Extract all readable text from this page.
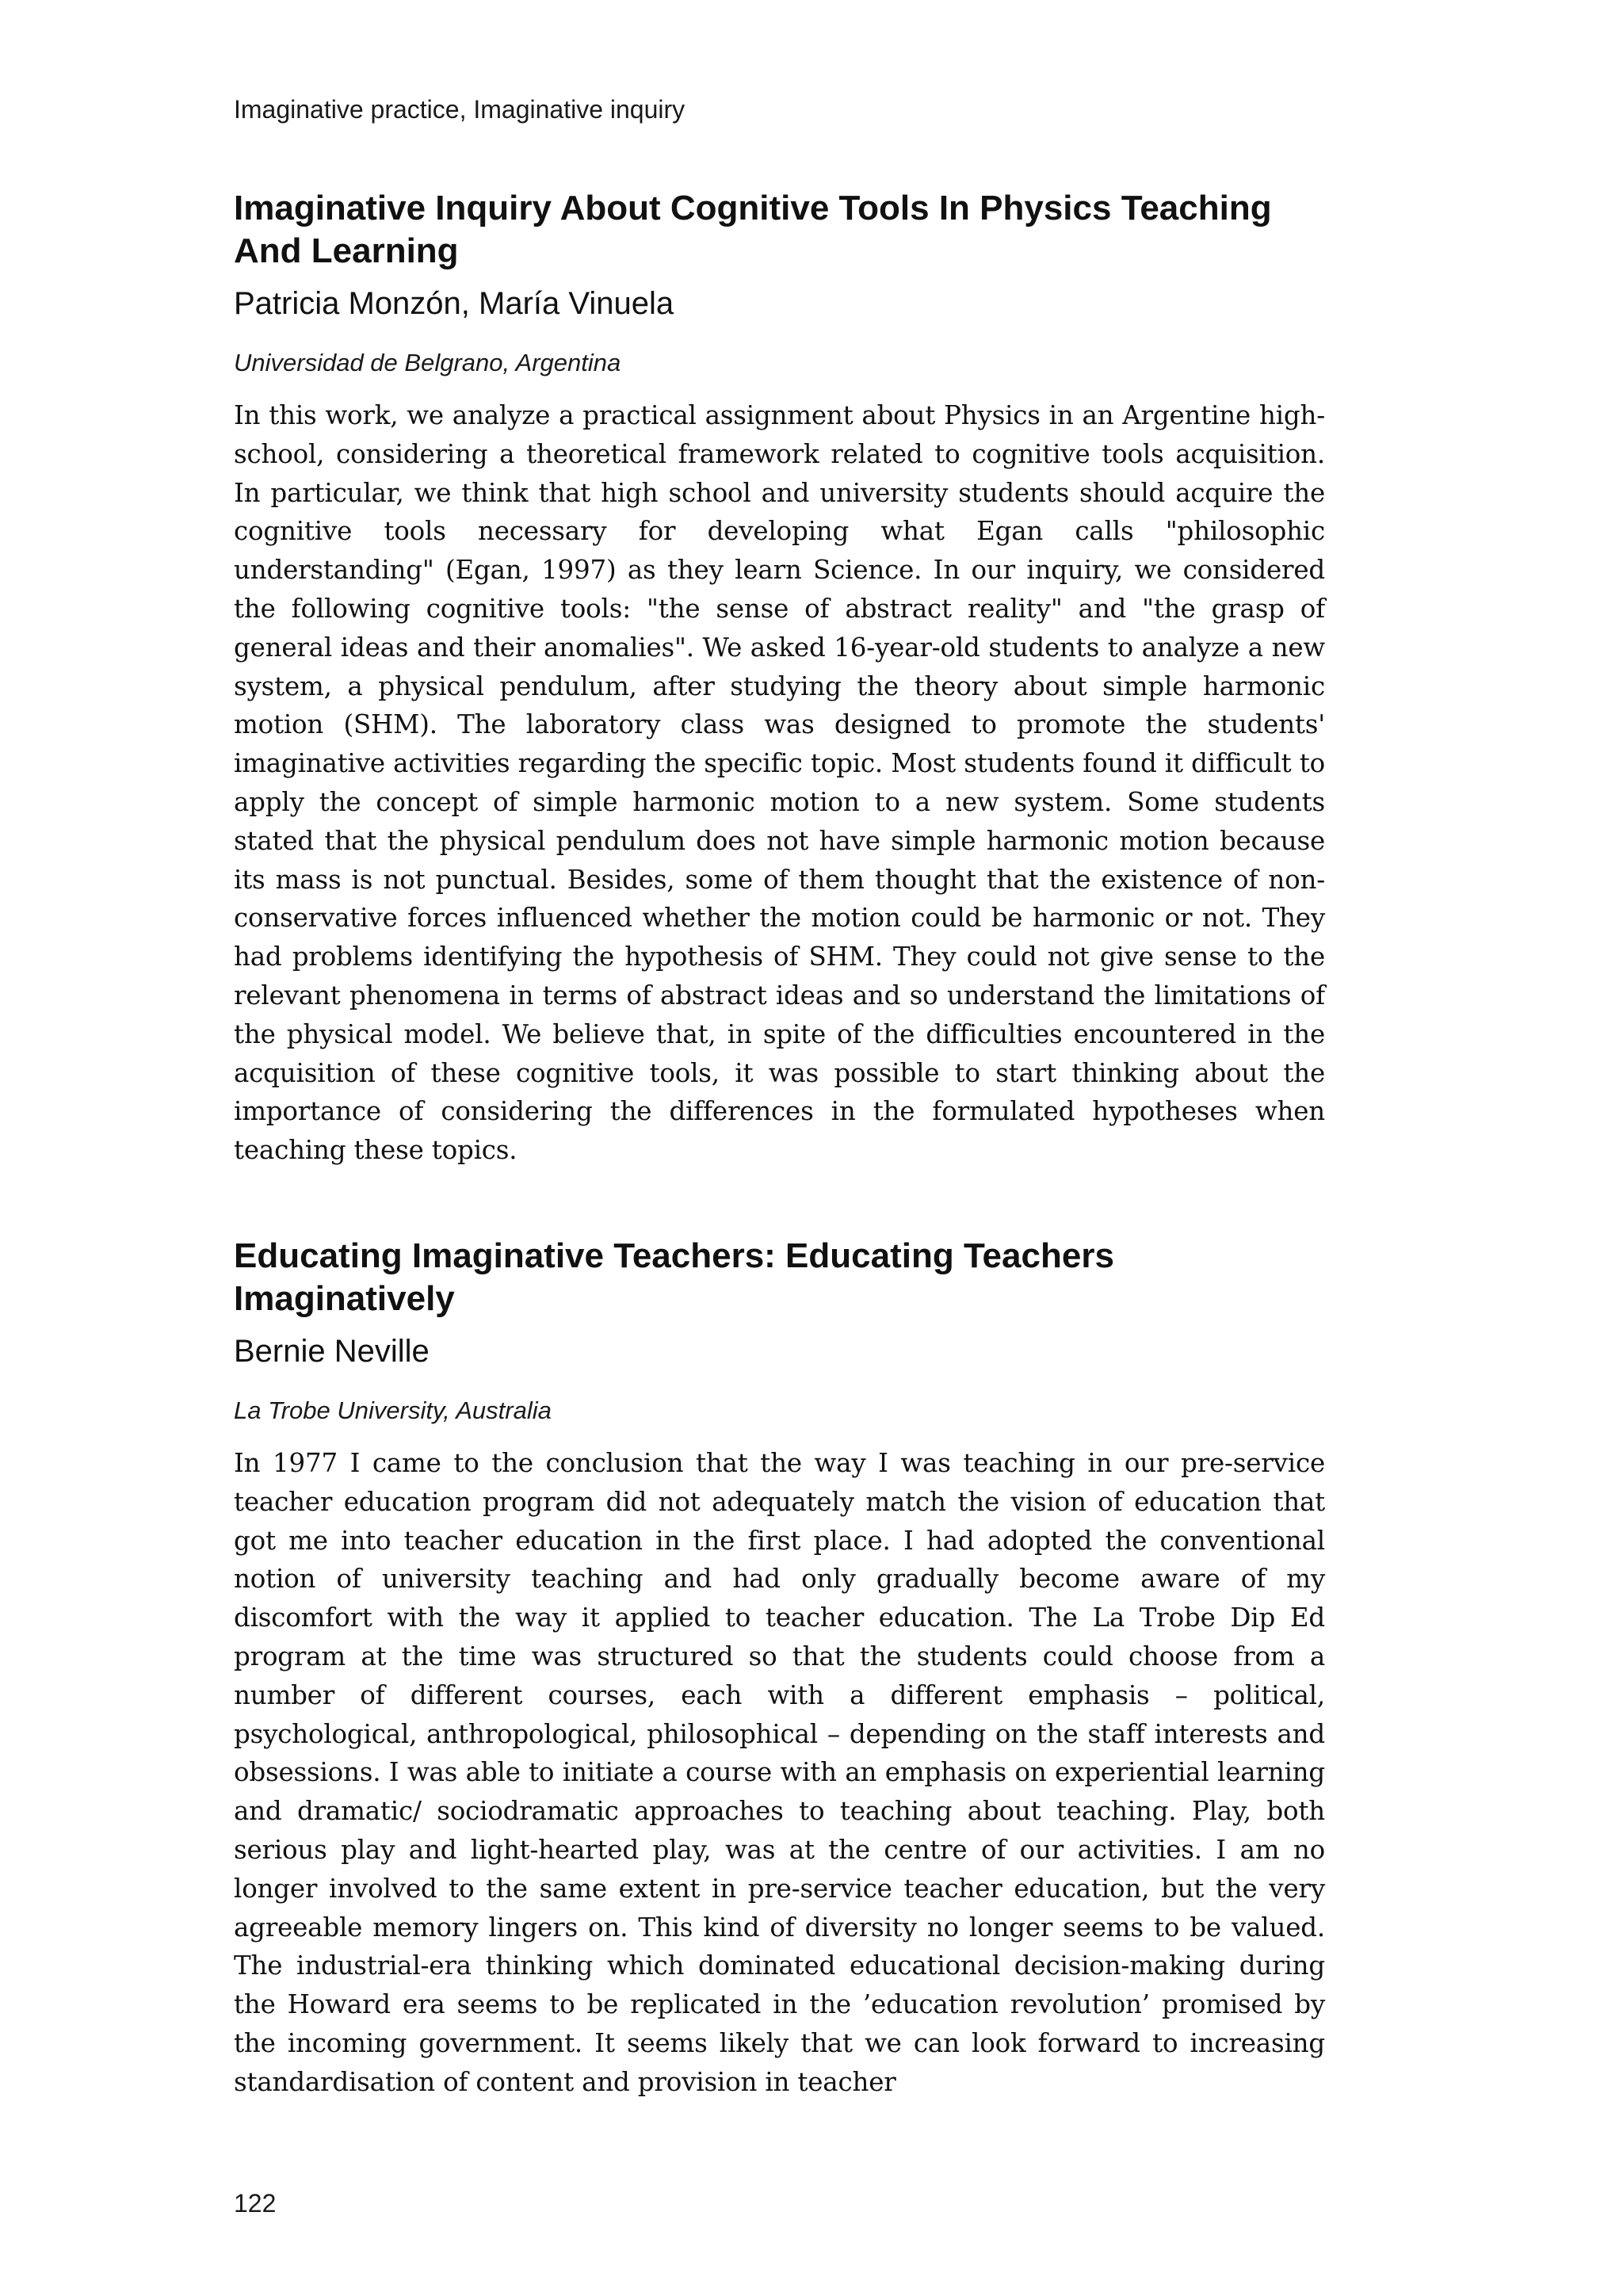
Imaginative practice, Imaginative inquiry
Imaginative Inquiry About Cognitive Tools In Physics Teaching And Learning
Patricia Monzón, María Vinuela
Universidad de Belgrano, Argentina

In this work, we analyze a practical assignment about Physics in an Argentine high-school, considering a theoretical framework related to cognitive tools acquisition. In particular, we think that high school and university students should acquire the cognitive tools necessary for developing what Egan calls "philosophic understanding" (Egan, 1997) as they learn Science. In our inquiry, we considered the following cognitive tools: "the sense of abstract reality" and "the grasp of general ideas and their anomalies". We asked 16-year-old students to analyze a new system, a physical pendulum, after studying the theory about simple harmonic motion (SHM). The laboratory class was designed to promote the students' imaginative activities regarding the specific topic. Most students found it difficult to apply the concept of simple harmonic motion to a new system. Some students stated that the physical pendulum does not have simple harmonic motion because its mass is not punctual. Besides, some of them thought that the existence of non-conservative forces influenced whether the motion could be harmonic or not. They had problems identifying the hypothesis of SHM. They could not give sense to the relevant phenomena in terms of abstract ideas and so understand the limitations of the physical model. We believe that, in spite of the difficulties encountered in the acquisition of these cognitive tools, it was possible to start thinking about the importance of considering the differences in the formulated hypotheses when teaching these topics.

Educating Imaginative Teachers: Educating Teachers Imaginatively
Bernie Neville
La Trobe University, Australia

In 1977 I came to the conclusion that the way I was teaching in our pre-service teacher education program did not adequately match the vision of education that got me into teacher education in the first place. I had adopted the conventional notion of university teaching and had only gradually become aware of my discomfort with the way it applied to teacher education. The La Trobe Dip Ed program at the time was structured so that the students could choose from a number of different courses, each with a different emphasis – political, psychological, anthropological, philosophical – depending on the staff interests and obsessions. I was able to initiate a course with an emphasis on experiential learning and dramatic/ sociodramatic approaches to teaching about teaching. Play, both serious play and light-hearted play, was at the centre of our activities. I am no longer involved to the same extent in pre-service teacher education, but the very agreeable memory lingers on. This kind of diversity no longer seems to be valued. The industrial-era thinking which dominated educational decision-making during the Howard era seems to be replicated in the ’education revolution’ promised by the incoming government. It seems likely that we can look forward to increasing standardisation of content and provision in teacher

122
